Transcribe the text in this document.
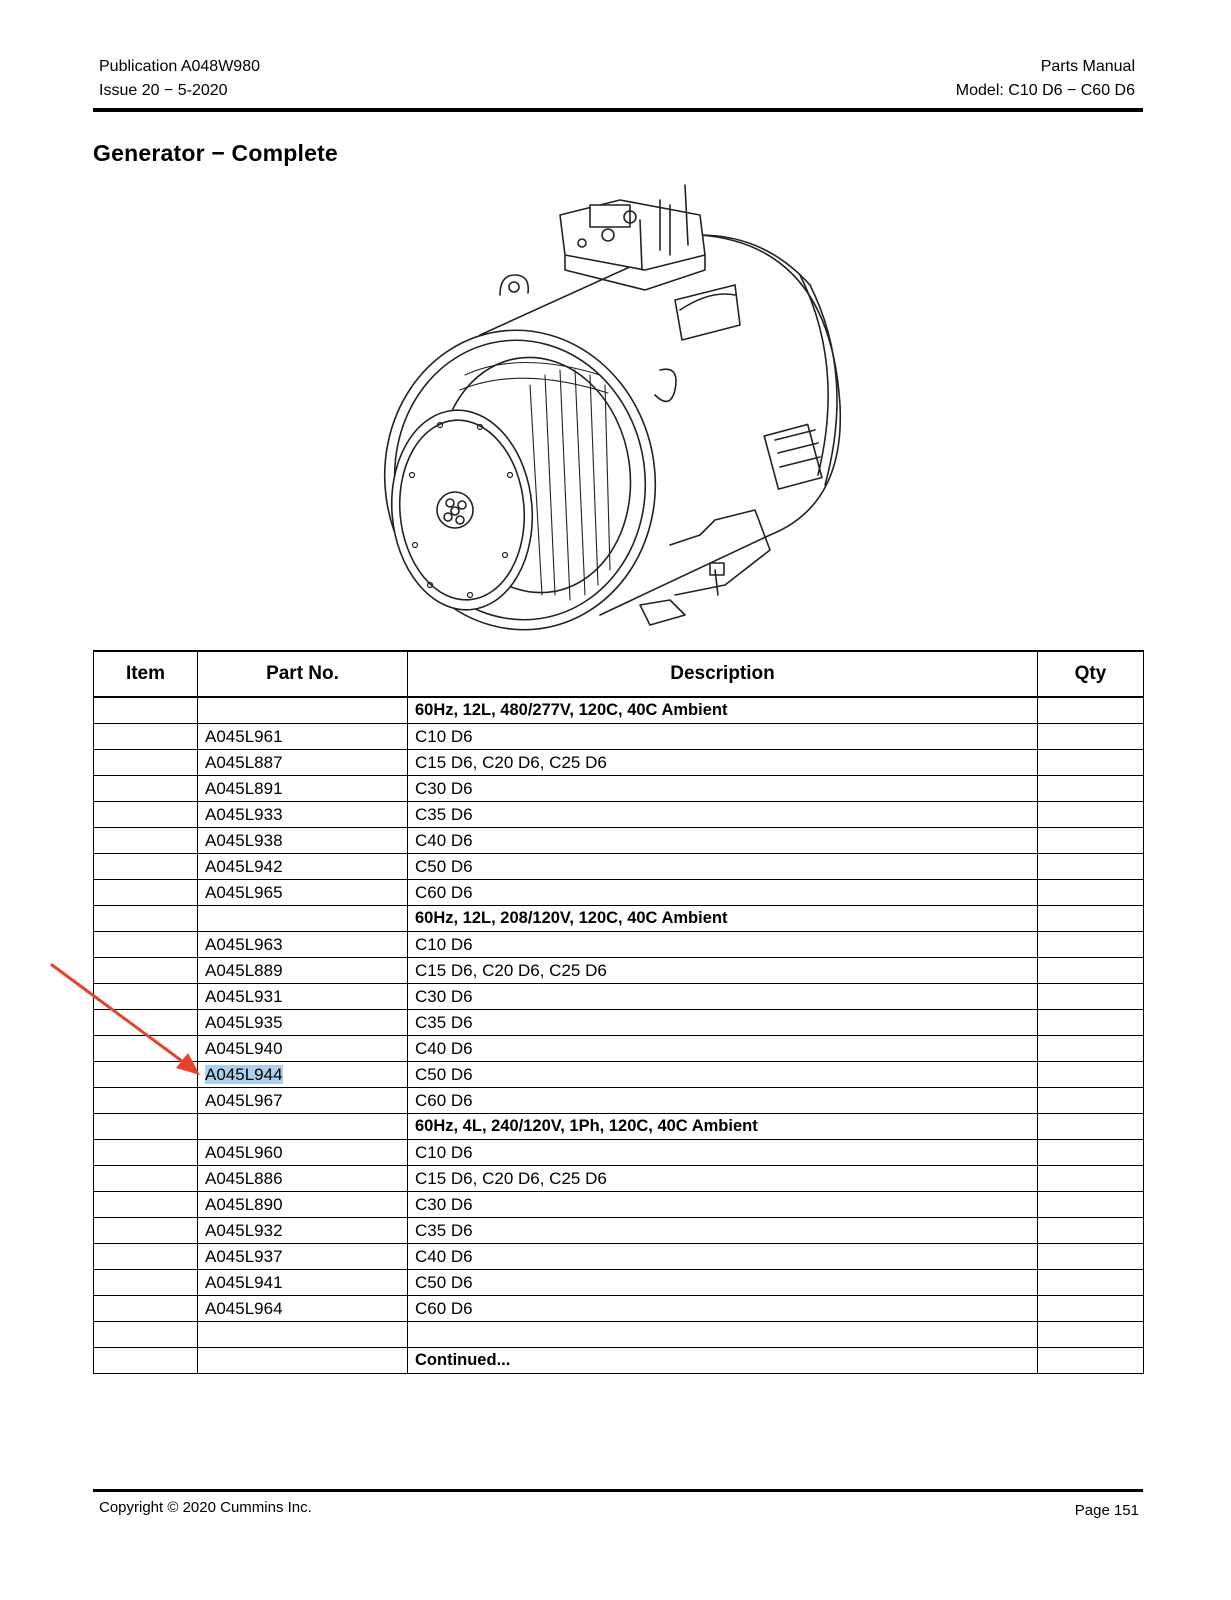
Publication A048W980
Issue 20 − 5-2020
Parts Manual
Model: C10 D6 − C60 D6
Generator − Complete
Item	Part No.	Description	Qty
		60Hz, 12L, 480/277V, 120C, 40C Ambient	
	A045L961	C10 D6	
	A045L887	C15 D6, C20 D6, C25 D6	
	A045L891	C30 D6	
	A045L933	C35 D6	
	A045L938	C40 D6	
	A045L942	C50 D6	
	A045L965	C60 D6	
		60Hz, 12L, 208/120V, 120C, 40C Ambient	
	A045L963	C10 D6	
	A045L889	C15 D6, C20 D6, C25 D6	
	A045L931	C30 D6	
	A045L935	C35 D6	
	A045L940	C40 D6	
	A045L944	C50 D6	
	A045L967	C60 D6	
		60Hz, 4L, 240/120V, 1Ph, 120C, 40C Ambient	
	A045L960	C10 D6	
	A045L886	C15 D6, C20 D6, C25 D6	
	A045L890	C30 D6	
	A045L932	C35 D6	
	A045L937	C40 D6	
	A045L941	C50 D6	
	A045L964	C60 D6	

		Continued...	
Copyright © 2020 Cummins Inc.	Page 151
